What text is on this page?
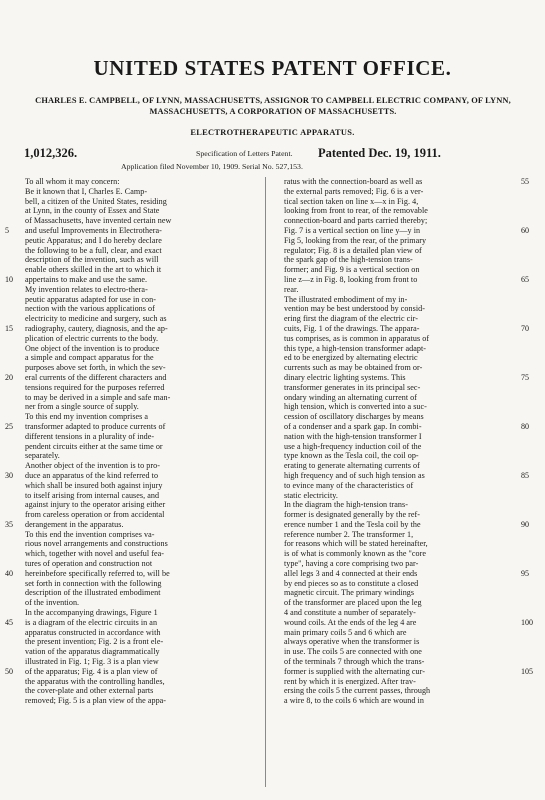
UNITED STATES PATENT OFFICE.

CHARLES E. CAMPBELL, OF LYNN, MASSACHUSETTS, ASSIGNOR TO CAMPBELL ELECTRIC COMPANY, OF LYNN, MASSACHUSETTS, A CORPORATION OF MASSACHUSETTS.

ELECTROTHERAPEUTIC APPARATUS.

1,012,326.	Specification of Letters Patent. Patented Dec. 19, 1911.
Application filed November 10, 1909. Serial No. 527,153.
To all whom it may concern:
Be it known that I, Charles E. Camp-
bell, a citizen of the United States, residing
at Lynn, in the county of Essex and State
of Massachusetts, have invented certain new
and useful Improvements in Electrothera-
peutic Apparatus; and I do hereby declare
the following to be a full, clear, and exact
description of the invention, such as will
enable others skilled in the art to which it
appertains to make and use the same.
My invention relates to electro-thera-
peutic apparatus adapted for use in con-
nection with the various applications of
electricity to medicine and surgery, such as
radiography, cautery, diagnosis, and the ap-
plication of electric currents to the body.
One object of the invention is to produce
a simple and compact apparatus for the
purposes above set forth, in which the sev-
eral currents of the different characters and
tensions required for the purposes referred
to may be derived in a simple and safe man-
ner from a single source of supply.
To this end my invention comprises a
transformer adapted to produce currents of
different tensions in a plurality of inde-
pendent circuits either at the same time or
separately.
Another object of the invention is to pro-
duce an apparatus of the kind referred to
which shall be insured both against injury
to itself arising from internal causes, and
against injury to the operator arising either
from careless operation or from accidental
derangement in the apparatus.
To this end the invention comprises va-
rious novel arrangements and constructions
which, together with novel and useful fea-
tures of operation and construction not
hereinbefore specifically referred to, will be
set forth in connection with the following
description of the illustrated embodiment
of the invention.
In the accompanying drawings, Figure 1
is a diagram of the electric circuits in an
apparatus constructed in accordance with
the present invention; Fig. 2 is a front ele-
vation of the apparatus diagrammatically
illustrated in Fig. 1; Fig. 3 is a plan view
of the apparatus; Fig. 4 is a plan view of
the apparatus with the controlling handles,
the cover-plate and other external parts
removed; Fig. 5 is a plan view of the appa-
ratus with the connection-board as well as
the external parts removed; Fig. 6 is a ver-
tical section taken on line x—x in Fig. 4,
looking from front to rear, of the removable
connection-board and parts carried thereby;
Fig. 7 is a vertical section on line y—y in
Fig 5, looking from the rear, of the primary
regulator; Fig. 8 is a detailed plan view of
the spark gap of the high-tension trans-
former; and Fig. 9 is a vertical section on
line z—z in Fig. 8, looking from front to
rear.
The illustrated embodiment of my in-
vention may be best understood by consid-
ering first the diagram of the electric cir-
cuits, Fig. 1 of the drawings. The appara-
tus comprises, as is common in apparatus of
this type, a high-tension transformer adapt-
ed to be energized by alternating electric
currents such as may be obtained from or-
dinary electric lighting systems. This
transformer generates in its principal sec-
ondary winding an alternating current of
high tension, which is converted into a suc-
cession of oscillatory discharges by means
of a condenser and a spark gap. In combi-
nation with the high-tension transformer I
use a high-frequency induction coil of the
type known as the Tesla coil, the coil op-
erating to generate alternating currents of
high frequency and of such high tension as
to evince many of the characteristics of
static electricity.
In the diagram the high-tension trans-
former is designated generally by the ref-
erence number 1 and the Tesla coil by the
reference number 2. The transformer 1,
for reasons which will be stated hereinafter,
is of what is commonly known as the "core
type", having a core comprising two par-
allel legs 3 and 4 connected at their ends
by end pieces so as to constitute a closed
magnetic circuit. The primary windings
of the transformer are placed upon the leg
4 and constitute a number of separately-
wound coils. At the ends of the leg 4 are
main primary coils 5 and 6 which are
always operative when the transformer is
in use. The coils 5 are connected with one
of the terminals 7 through which the trans-
former is supplied with the alternating cur-
rent by which it is energized. After trav-
ersing the coils 5 the current passes, through
a wire 8, to the coils 6 which are wound in
5
10
15
20
25
30
35
40
45
50
55
60
65
70
75
80
85
90
95
100
105
